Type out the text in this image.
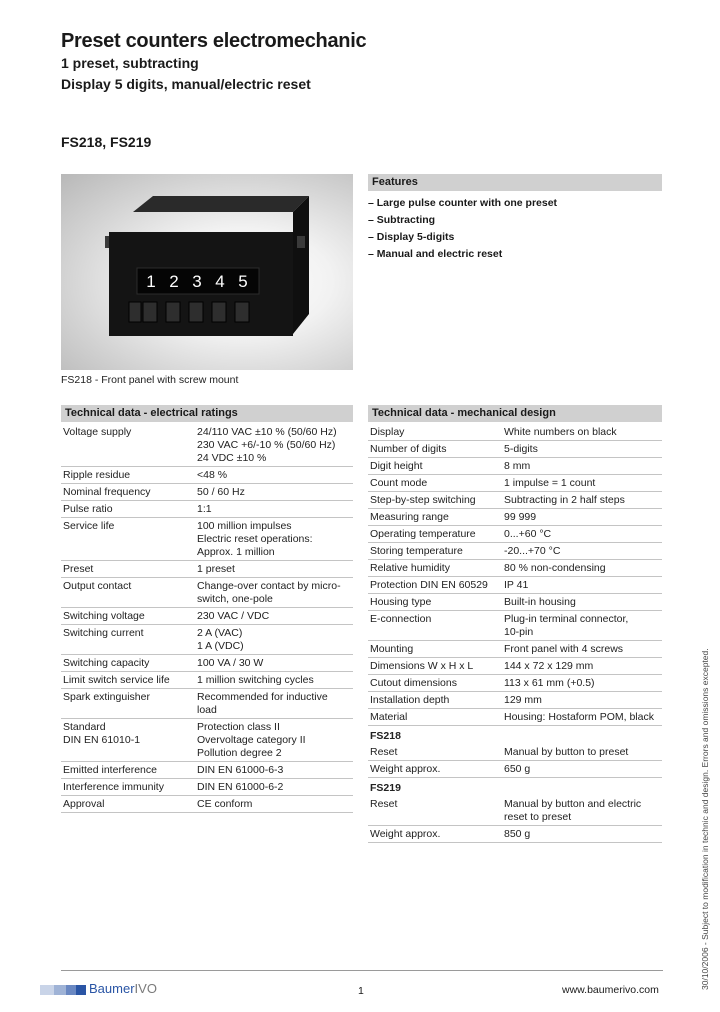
Preset counters electromechanic
1 preset, subtracting
Display 5 digits, manual/electric reset
FS218, FS219
1 2 3 4 5
FS218 - Front panel with screw mount
Features
– Large pulse counter with one preset
– Subtracting
– Display 5-digits
– Manual and electric reset
Technical data - electrical ratings
Voltage supply	24/110 VAC ±10 % (50/60 Hz)
230 VAC +6/-10 % (50/60 Hz)
24 VDC ±10 %

Ripple residue	<48 %

Nominal frequency	50 / 60 Hz

Pulse ratio	1:1

Service life	100 million impulses
Electric reset operations:
Approx. 1 million

Preset	1 preset

Output contact	Change-over contact by micro-
switch, one-pole

Switching voltage	230 VAC / VDC

Switching current	2 A (VAC)
1 A (VDC)

Switching capacity	100 VA / 30 W

Limit switch service life	1 million switching cycles

Spark extinguisher	Recommended for inductive
load

Standard
DIN EN 61010-1	Protection class II
Overvoltage category II
Pollution degree 2

Emitted interference	DIN EN 61000-6-3

Interference immunity	DIN EN 61000-6-2

Approval	CE conform
Technical data - mechanical design
Display	White numbers on black

Number of digits	5-digits

Digit height	8 mm

Count mode	1 impulse = 1 count

Step-by-step switching	Subtracting in 2 half steps

Measuring range	99 999

Operating temperature	0...+60 °C

Storing temperature	-20...+70 °C

Relative humidity	80 % non-condensing

Protection DIN EN 60529	IP 41

Housing type	Built-in housing

E-connection	Plug-in terminal connector,
10-pin

Mounting	Front panel with 4 screws

Dimensions W x H x L	144 x 72 x 129 mm

Cutout dimensions	113 x 61 mm (+0.5)

Installation depth	129 mm

Material	Housing: Hostaform POM, black

FS218	

Reset	Manual by button to preset

Weight approx.	650 g

FS219	

Reset	Manual by button and electric
reset to preset

Weight approx.	850 g
BaumerIVO	1	www.baumerivo.com	30/10/2006 - Subject to modification in technic and design. Errors and omissions excepted.
